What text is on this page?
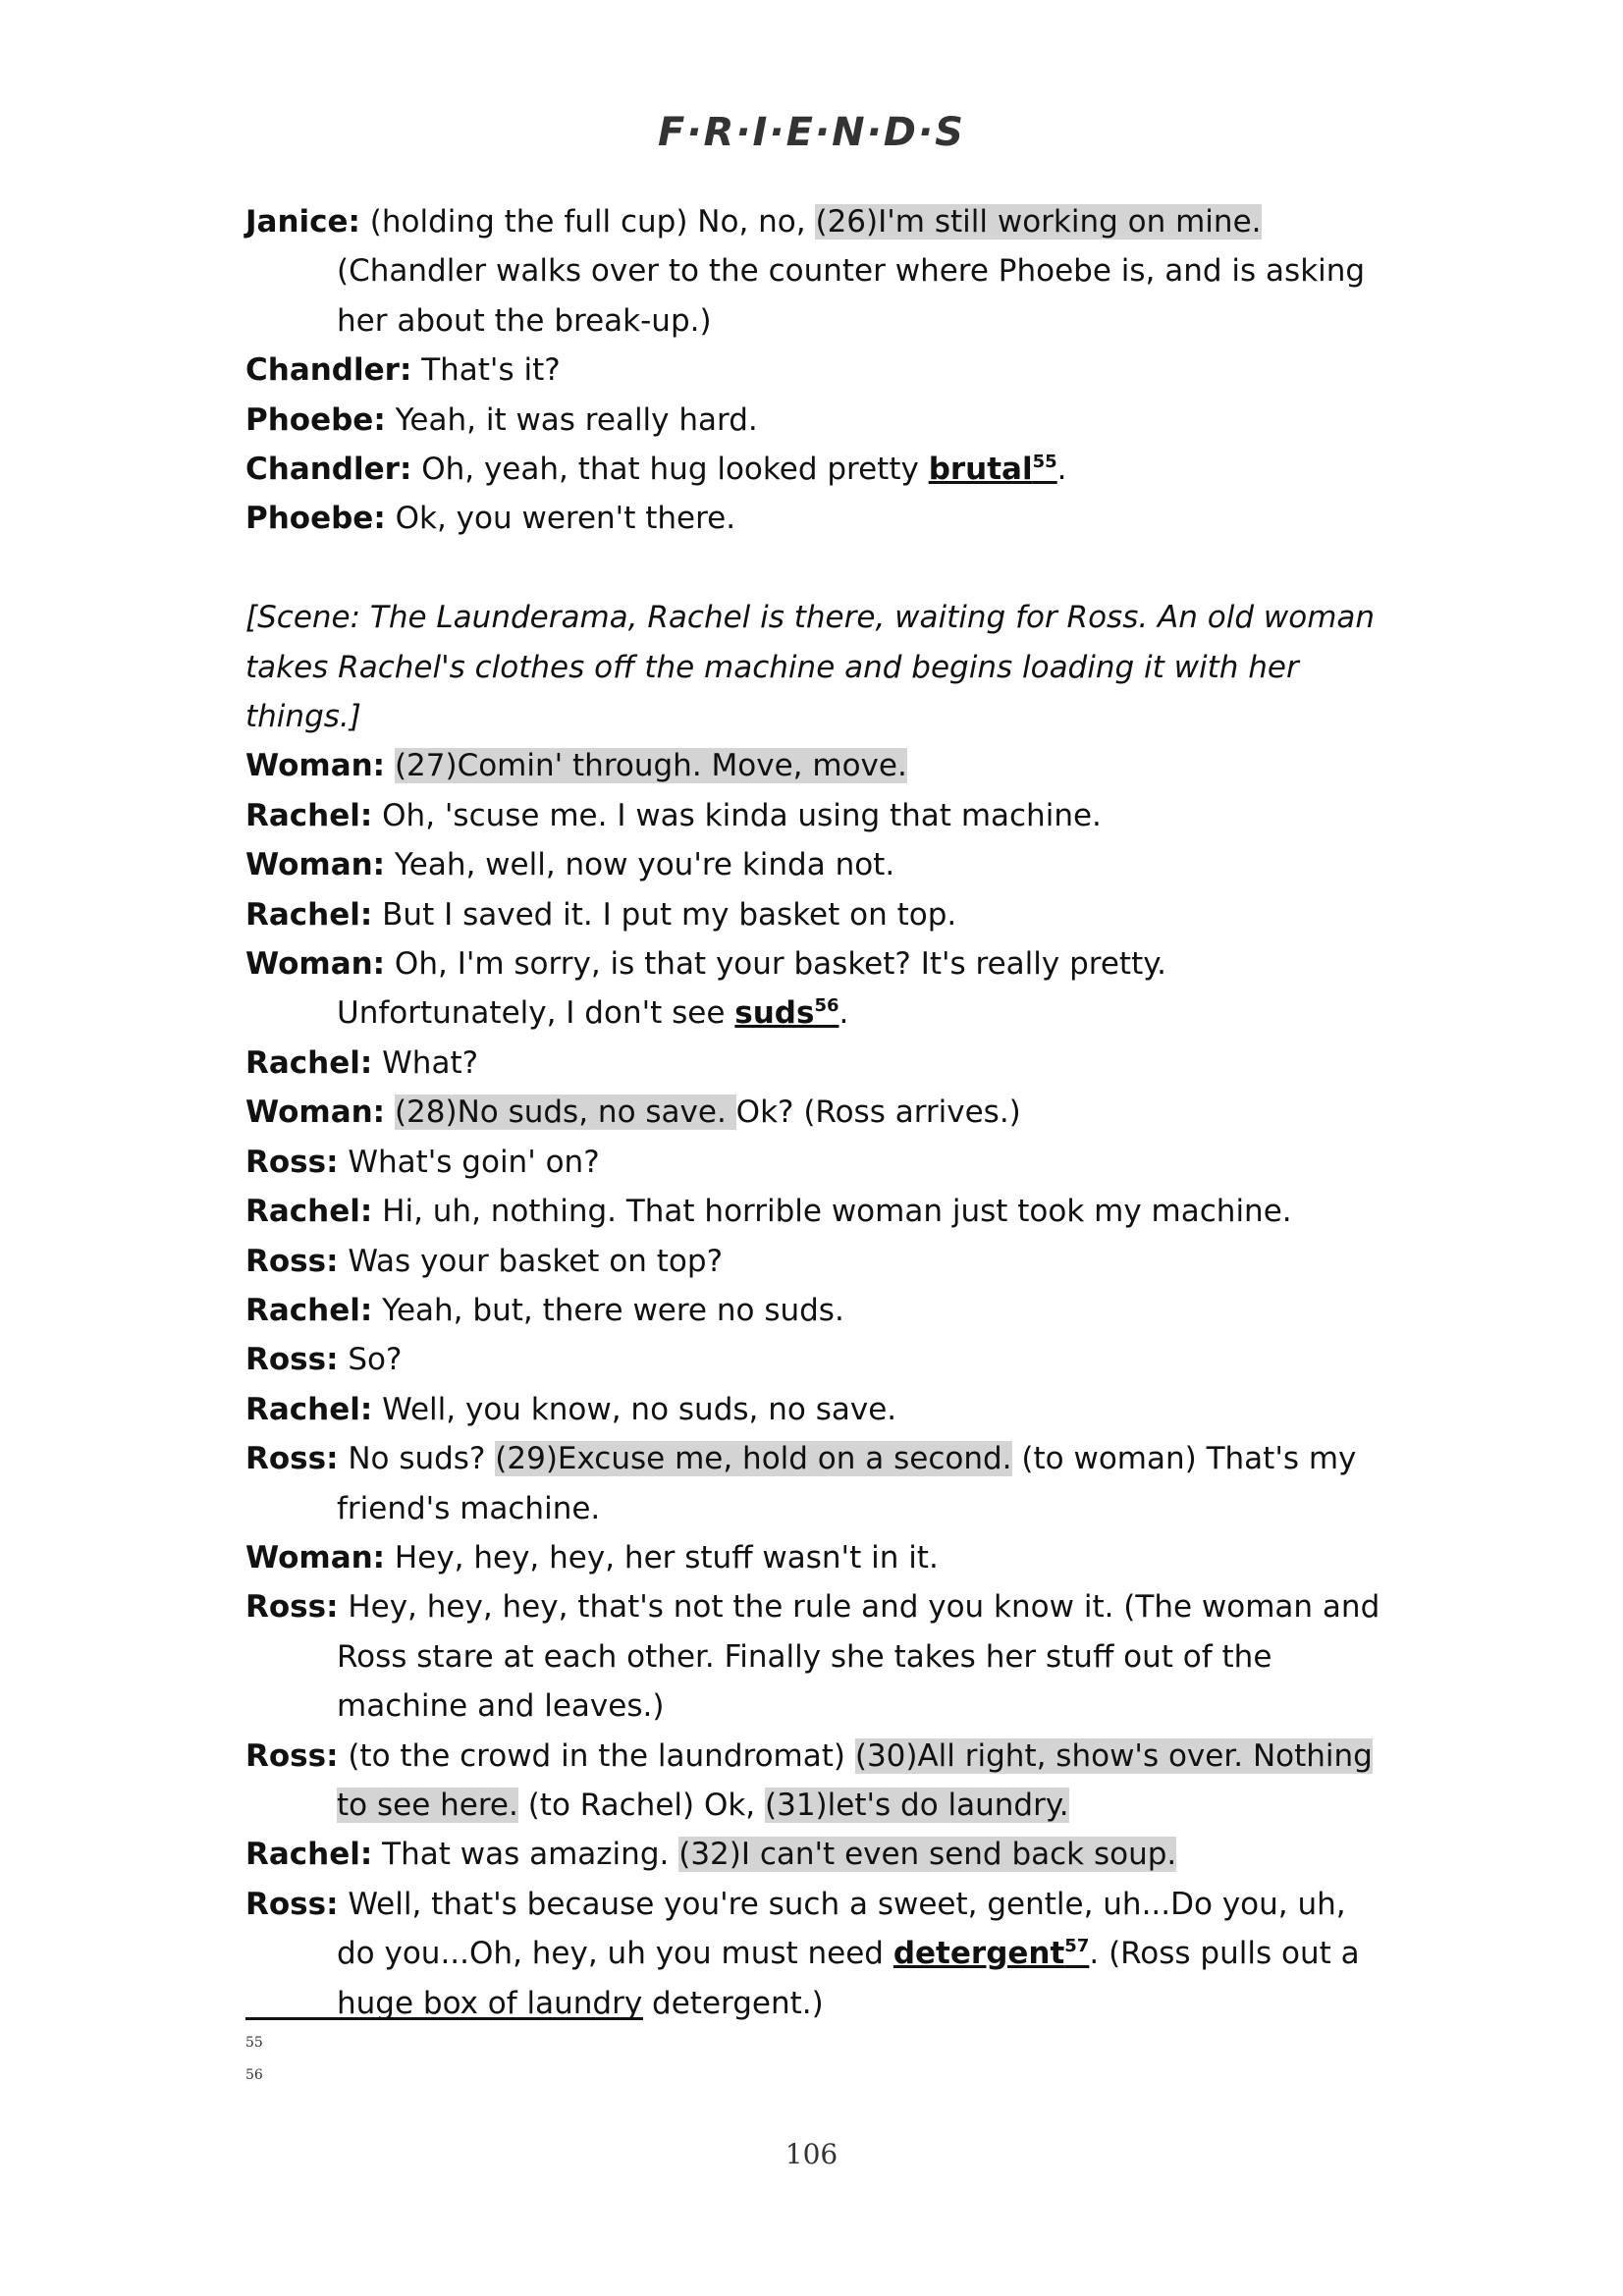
F·R·I·E·N·D·S
Janice: (holding the full cup) No, no, (26)I'm still working on mine. (Chandler walks over to the counter where Phoebe is, and is asking her about the break-up.)
Chandler: That's it?
Phoebe: Yeah, it was really hard.
Chandler: Oh, yeah, that hug looked pretty brutal$^{55}$.
Phoebe: Ok, you weren't there.
[Scene: The Launderama, Rachel is there, waiting for Ross. An old woman takes Rachel's clothes off the machine and begins loading it with her things.]
Woman: (27)Comin' through. Move, move.
Rachel: Oh, 'scuse me. I was kinda using that machine.
Woman: Yeah, well, now you're kinda not.
Rachel: But I saved it. I put my basket on top.
Woman: Oh, I'm sorry, is that your basket? It's really pretty. Unfortunately, I don't see suds$^{56}$.
Rachel: What?
Woman: (28)No suds, no save. Ok? (Ross arrives.)
Ross: What's goin' on?
Rachel: Hi, uh, nothing. That horrible woman just took my machine.
Ross: Was your basket on top?
Rachel: Yeah, but, there were no suds.
Ross: So?
Rachel: Well, you know, no suds, no save.
Ross: No suds? (29)Excuse me, hold on a second. (to woman) That's my friend's machine.
Woman: Hey, hey, hey, her stuff wasn't in it.
Ross: Hey, hey, hey, that's not the rule and you know it. (The woman and Ross stare at each other. Finally she takes her stuff out of the machine and leaves.)
Ross: (to the crowd in the laundromat) (30)All right, show's over. Nothing to see here. (to Rachel) Ok, (31)let's do laundry.
Rachel: That was amazing. (32)I can't even send back soup.
Ross: Well, that's because you're such a sweet, gentle, uh...Do you, uh, do you...Oh, hey, uh you must need detergent$^{57}$. (Ross pulls out a huge box of laundry detergent.)
55
56
106
